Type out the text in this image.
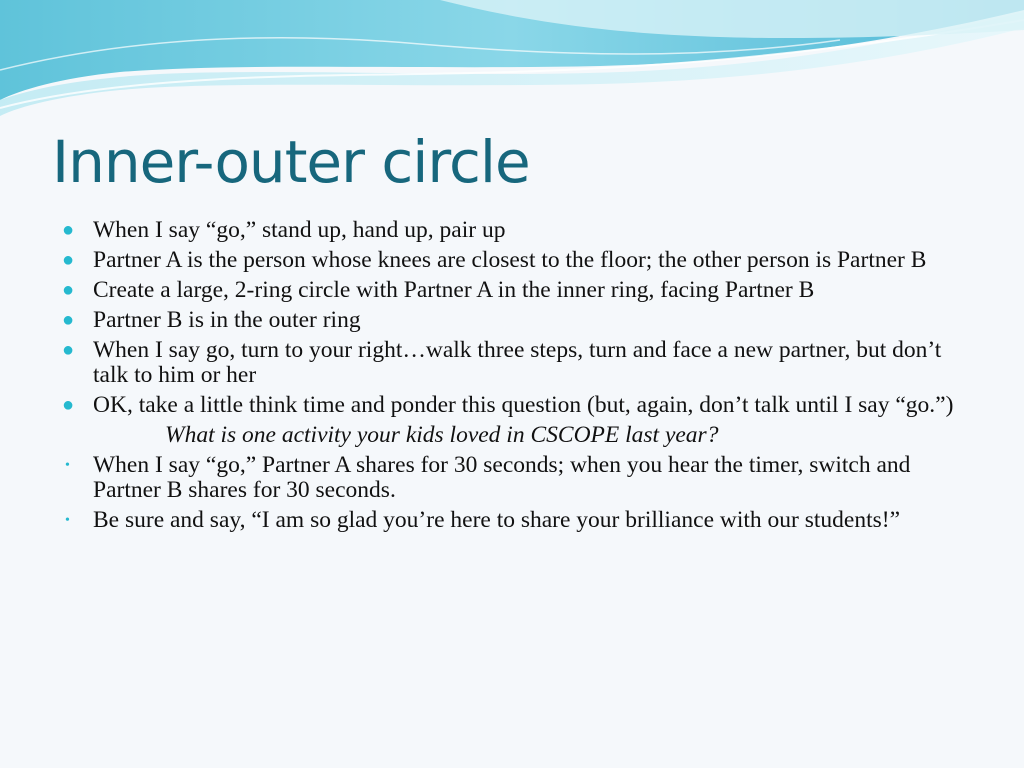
Inner-outer circle
● When I say “go,” stand up, hand up, pair up
● Partner A is the person whose knees are closest to the floor; the other person is Partner B
● Create a large, 2-ring circle with Partner A in the inner ring, facing Partner B
● Partner B is in the outer ring
● When I say go, turn to your right…walk three steps, turn and face a new partner, but don’t talk to him or her
● OK, take a little think time and ponder this question (but, again, don’t talk until I say “go.”)
What is one activity your kids loved in CSCOPE last year?
• When I say “go,” Partner A shares for 30 seconds; when you hear the timer, switch and Partner B shares for 30 seconds.
• Be sure and say, “I am so glad you’re here to share your brilliance with our students!”
